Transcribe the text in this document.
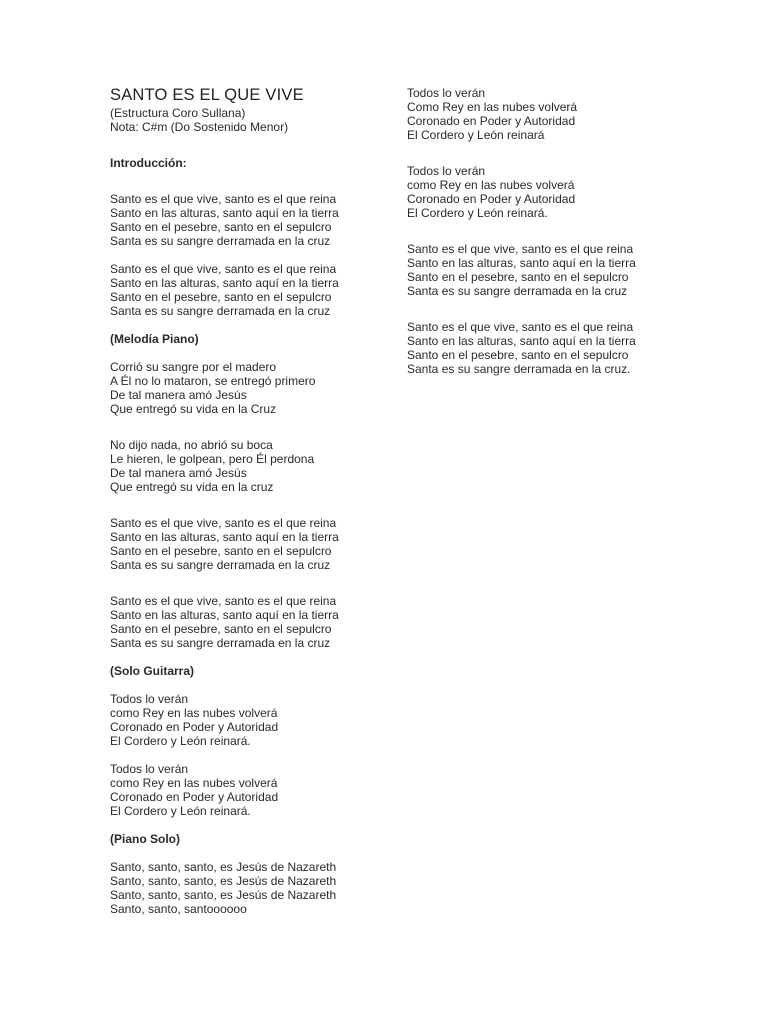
SANTO ES EL QUE VIVE
(Estructura Coro Sullana)
Nota: C#m (Do Sostenido Menor)
Introducción:
Santo es el que vive, santo es el que reina
Santo en las alturas, santo aquí en la tierra
Santo en el pesebre, santo en el sepulcro
Santa es su sangre derramada en la cruz
Santo es el que vive, santo es el que reina
Santo en las alturas, santo aquí en la tierra
Santo en el pesebre, santo en el sepulcro
Santa es su sangre derramada en la cruz
(Melodía Piano)
Corrió su sangre por el madero
A Él no lo mataron, se entregó primero
De tal manera amó Jesús
Que entregó su vida en la Cruz
No dijo nada, no abrió su boca
Le hieren, le golpean, pero Él perdona
De tal manera amó Jesús
Que entregó su vida en la cruz
Santo es el que vive, santo es el que reina
Santo en las alturas, santo aquí en la tierra
Santo en el pesebre, santo en el sepulcro
Santa es su sangre derramada en la cruz
Santo es el que vive, santo es el que reina
Santo en las alturas, santo aquí en la tierra
Santo en el pesebre, santo en el sepulcro
Santa es su sangre derramada en la cruz
(Solo Guitarra)
Todos lo verán
como Rey en las nubes volverá
Coronado en Poder y Autoridad
El Cordero y León reinará.
Todos lo verán
como Rey en las nubes volverá
Coronado en Poder y Autoridad
El Cordero y León reinará.
(Piano Solo)
Santo, santo, santo, es Jesús de Nazareth
Santo, santo, santo, es Jesús de Nazareth
Santo, santo, santo, es Jesús de Nazareth
Santo, santo, santoooooo
Todos lo verán
Como Rey en las nubes volverá
Coronado en Poder y Autoridad
El Cordero y León reinará
Todos lo verán
como Rey en las nubes volverá
Coronado en Poder y Autoridad
El Cordero y León reinará.
Santo es el que vive, santo es el que reina
Santo en las alturas, santo aquí en la tierra
Santo en el pesebre, santo en el sepulcro
Santa es su sangre derramada en la cruz
Santo es el que vive, santo es el que reina
Santo en las alturas, santo aquí en la tierra
Santo en el pesebre, santo en el sepulcro
Santa es su sangre derramada en la cruz.
